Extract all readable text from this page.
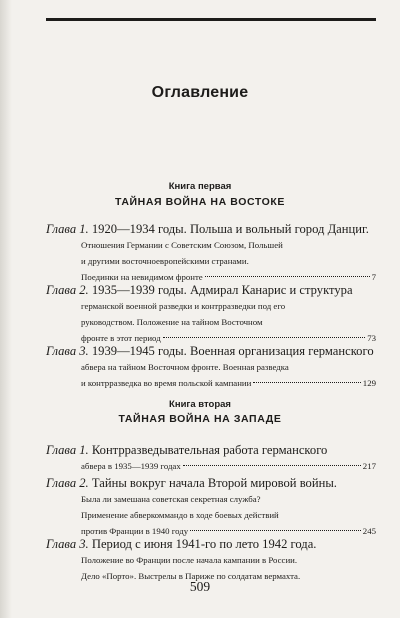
Оглавление
Книга первая
ТАЙНАЯ ВОЙНА НА ВОСТОКЕ
Глава 1. 1920—1934 годы. Польша и вольный город Данциг.
Отношения Германии с Советским Союзом, Польшей
и другими восточноевропейскими странами.
Поединки на невидимом фронте	7
Глава 2. 1935—1939 годы. Адмирал Канарис и структура
германской военной разведки и контрразведки под его
руководством. Положение на тайном Восточном
фронте в этот период	73
Глава 3. 1939—1945 годы. Военная организация германского
абвера на тайном Восточном фронте. Военная разведка
и контрразведка во время польской кампании	129
Книга вторая
ТАЙНАЯ ВОЙНА НА ЗАПАДЕ
Глава 1. Контрразведывательная работа германского
абвера в 1935—1939 годах	217
Глава 2. Тайны вокруг начала Второй мировой войны.
Была ли замешана советская секретная служба?
Применение абверкоммандо в ходе боевых действий
против Франции в 1940 году	245
Глава 3. Период с июня 1941-го по лето 1942 года.
Положение во Франции после начала кампании в России.
Дело «Порто». Выстрелы в Париже по солдатам вермахта.
509
